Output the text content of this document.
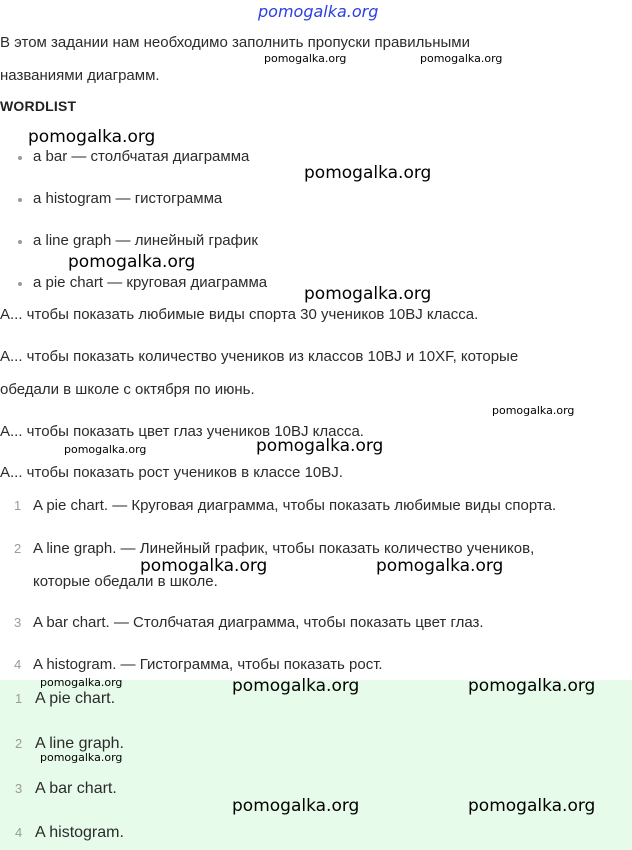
pomogalka.org
В этом задании нам необходимо заполнить пропуски правильными
названиями диаграмм.
WORDLIST
a bar — столбчатая диаграмма
a histogram — гистограмма
a line graph — линейный график
a pie chart — круговая диаграмма
A... чтобы показать любимые виды спорта 30 учеников 10BJ класса.
A... чтобы показать количество учеников из классов 10BJ и 10XF, которые
обедали в школе с октября по июнь.
A... чтобы показать цвет глаз учеников 10BJ класса.
A... чтобы показать рост учеников в классе 10BJ.
1 A pie chart. — Круговая диаграмма, чтобы показать любимые виды спорта.
2 A line graph. — Линейный график, чтобы показать количество учеников,
которые обедали в школе.
3 A bar chart. — Столбчатая диаграмма, чтобы показать цвет глаз.
4 A histogram. — Гистограмма, чтобы показать рост.
1 A pie chart.
2 A line graph.
3 A bar chart.
4 A histogram.
pomogalka.org	pomogalka.org
pomogalka.org
pomogalka.org
pomogalka.org
pomogalka.org
pomogalka.org
pomogalka.org
pomogalka.org
pomogalka.org	pomogalka.org
pomogalka.org	pomogalka.org	pomogalka.org
pomogalka.org
pomogalka.org	pomogalka.org
